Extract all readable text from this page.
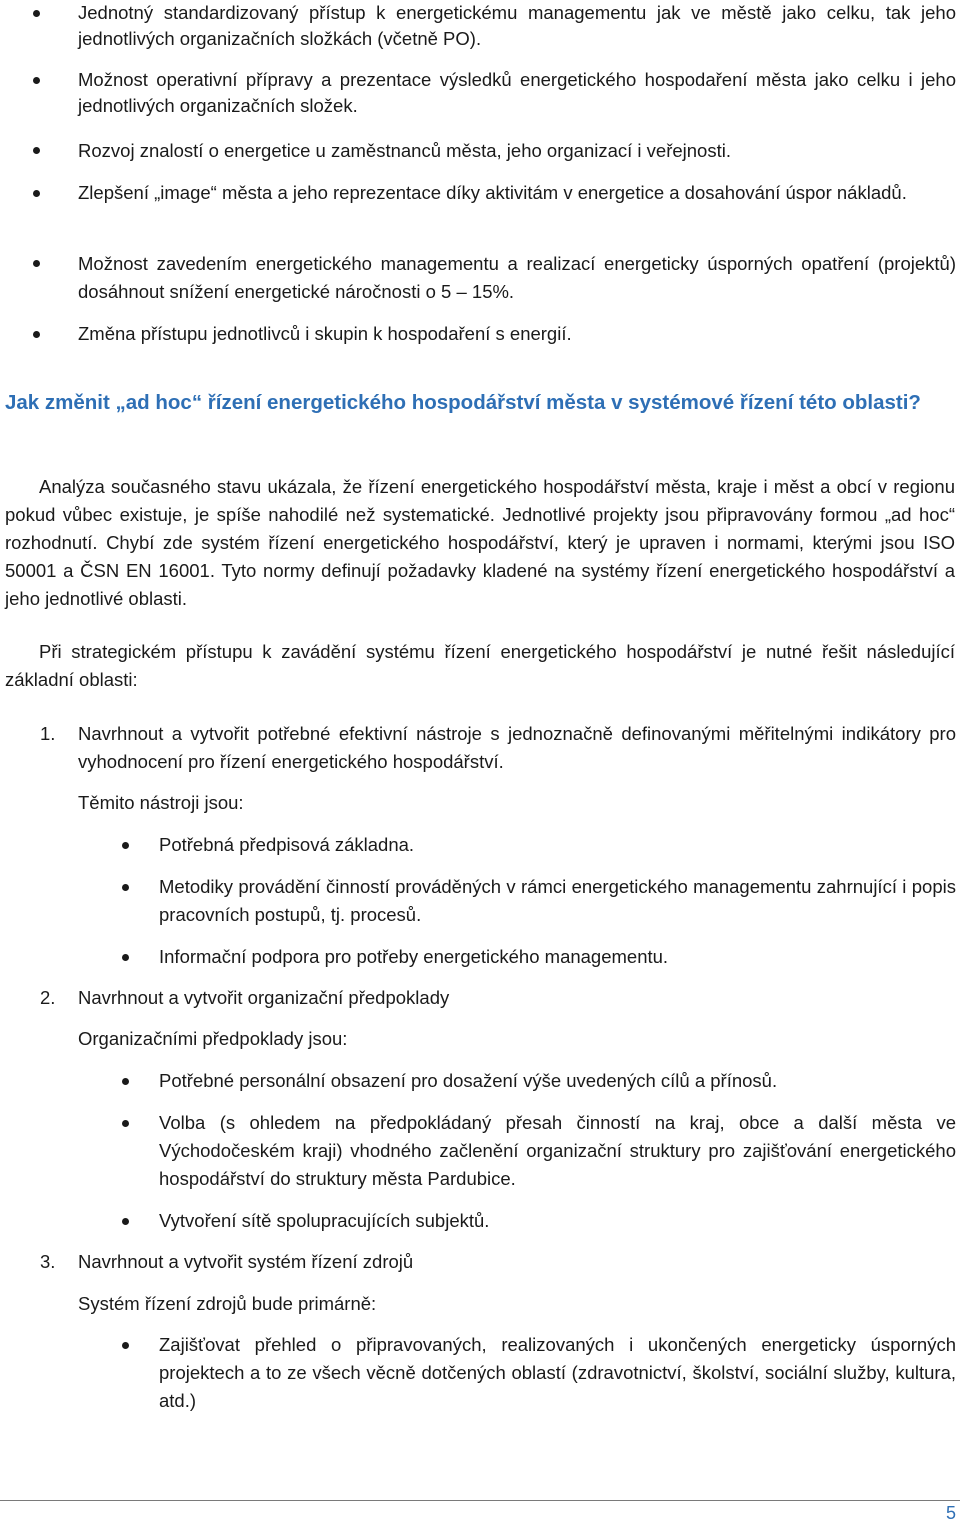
Jednotný standardizovaný přístup k energetickému managementu jak ve městě jako celku, tak jeho jednotlivých organizačních složkách (včetně PO).
Možnost operativní přípravy a prezentace výsledků energetického hospodaření města jako celku i jeho jednotlivých organizačních složek.
Rozvoj znalostí o energetice u zaměstnanců města, jeho organizací i veřejnosti.
Zlepšení „image“ města a jeho reprezentace díky aktivitám v energetice a dosahování úspor nákladů.
Možnost zavedením energetického managementu a realizací energeticky úsporných opatření (projektů) dosáhnout snížení energetické náročnosti o 5 – 15%.
Změna přístupu jednotlivců i skupin k hospodaření s energií.
Jak změnit „ad hoc“ řízení energetického hospodářství města v systémové řízení této oblasti?
Analýza současného stavu ukázala, že řízení energetického hospodářství města, kraje i měst a obcí v regionu pokud vůbec existuje, je spíše nahodilé než systematické. Jednotlivé projekty jsou připravovány formou „ad hoc“ rozhodnutí. Chybí zde systém řízení energetického hospodářství, který je upraven i normami, kterými jsou ISO 50001 a ČSN EN 16001. Tyto normy definují požadavky kladené na systémy řízení energetického hospodářství a jeho jednotlivé oblasti.
Při strategickém přístupu k zavádění systému řízení energetického hospodářství je nutné řešit následující základní oblasti:
1. Navrhnout a vytvořit potřebné efektivní nástroje s jednoznačně definovanými měřitelnými indikátory pro vyhodnocení pro řízení energetického hospodářství.
Těmito nástroji jsou:
Potřebná předpisová základna.
Metodiky provádění činností prováděných v rámci energetického managementu zahrnující i popis pracovních postupů, tj. procesů.
Informační podpora pro potřeby energetického managementu.
2. Navrhnout a vytvořit organizační předpoklady
Organizačními předpoklady jsou:
Potřebné personální obsazení pro dosažení výše uvedených cílů a přínosů.
Volba (s ohledem na předpokládaný přesah činností na kraj, obce a další města ve Východočeském kraji) vhodného začlenění organizační struktury pro zajišťování energetického hospodářství do struktury města Pardubice.
Vytvoření sítě spolupracujících subjektů.
3. Navrhnout a vytvořit systém řízení zdrojů
Systém řízení zdrojů bude primárně:
Zajišťovat přehled o připravovaných, realizovaných i ukončených energeticky úsporných projektech a to ze všech věcně dotčených oblastí (zdravotnictví, školství, sociální služby, kultura, atd.)
5
